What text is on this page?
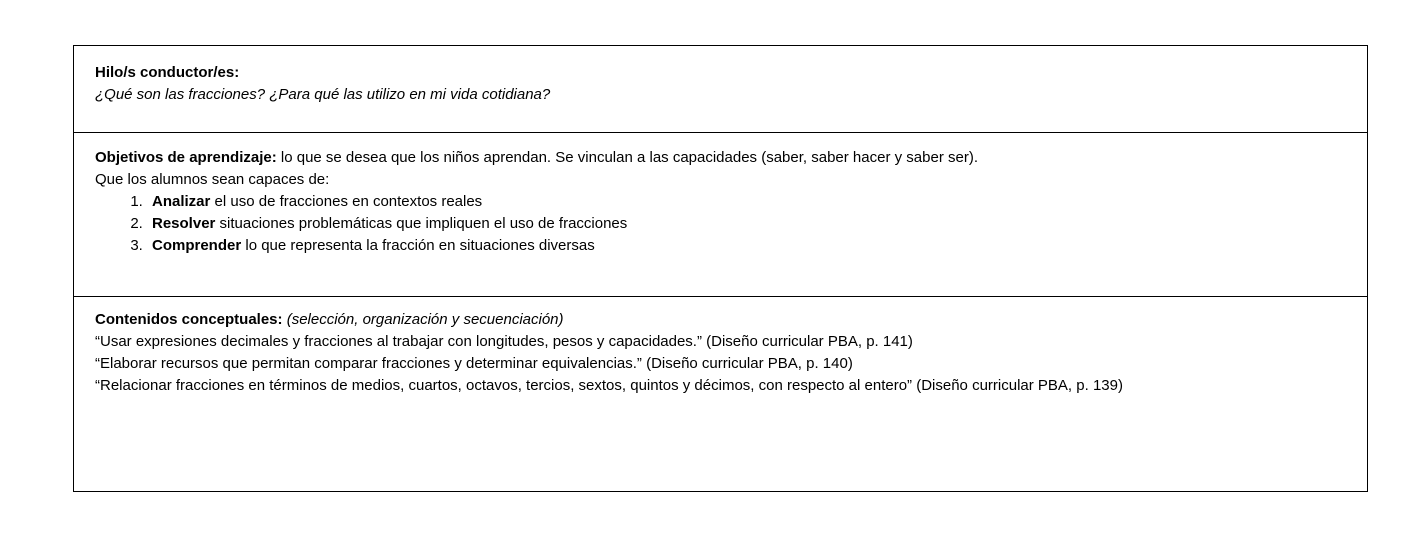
Hilo/s conductor/es:
¿Qué son las fracciones? ¿Para qué las utilizo en mi vida cotidiana?
Objetivos de aprendizaje: lo que se desea que los niños aprendan. Se vinculan a las capacidades (saber, saber hacer y saber ser).
Que los alumnos sean capaces de:
1. Analizar el uso de fracciones en contextos reales
2. Resolver situaciones problemáticas que impliquen el uso de fracciones
3. Comprender lo que representa la fracción en situaciones diversas
Contenidos conceptuales: (selección, organización y secuenciación)
“Usar expresiones decimales y fracciones al trabajar con longitudes, pesos y capacidades.” (Diseño curricular PBA, p. 141)
“Elaborar recursos que permitan comparar fracciones y determinar equivalencias.” (Diseño curricular PBA, p. 140)
“Relacionar fracciones en términos de medios, cuartos, octavos, tercios, sextos, quintos y décimos, con respecto al entero” (Diseño curricular PBA, p. 139)
